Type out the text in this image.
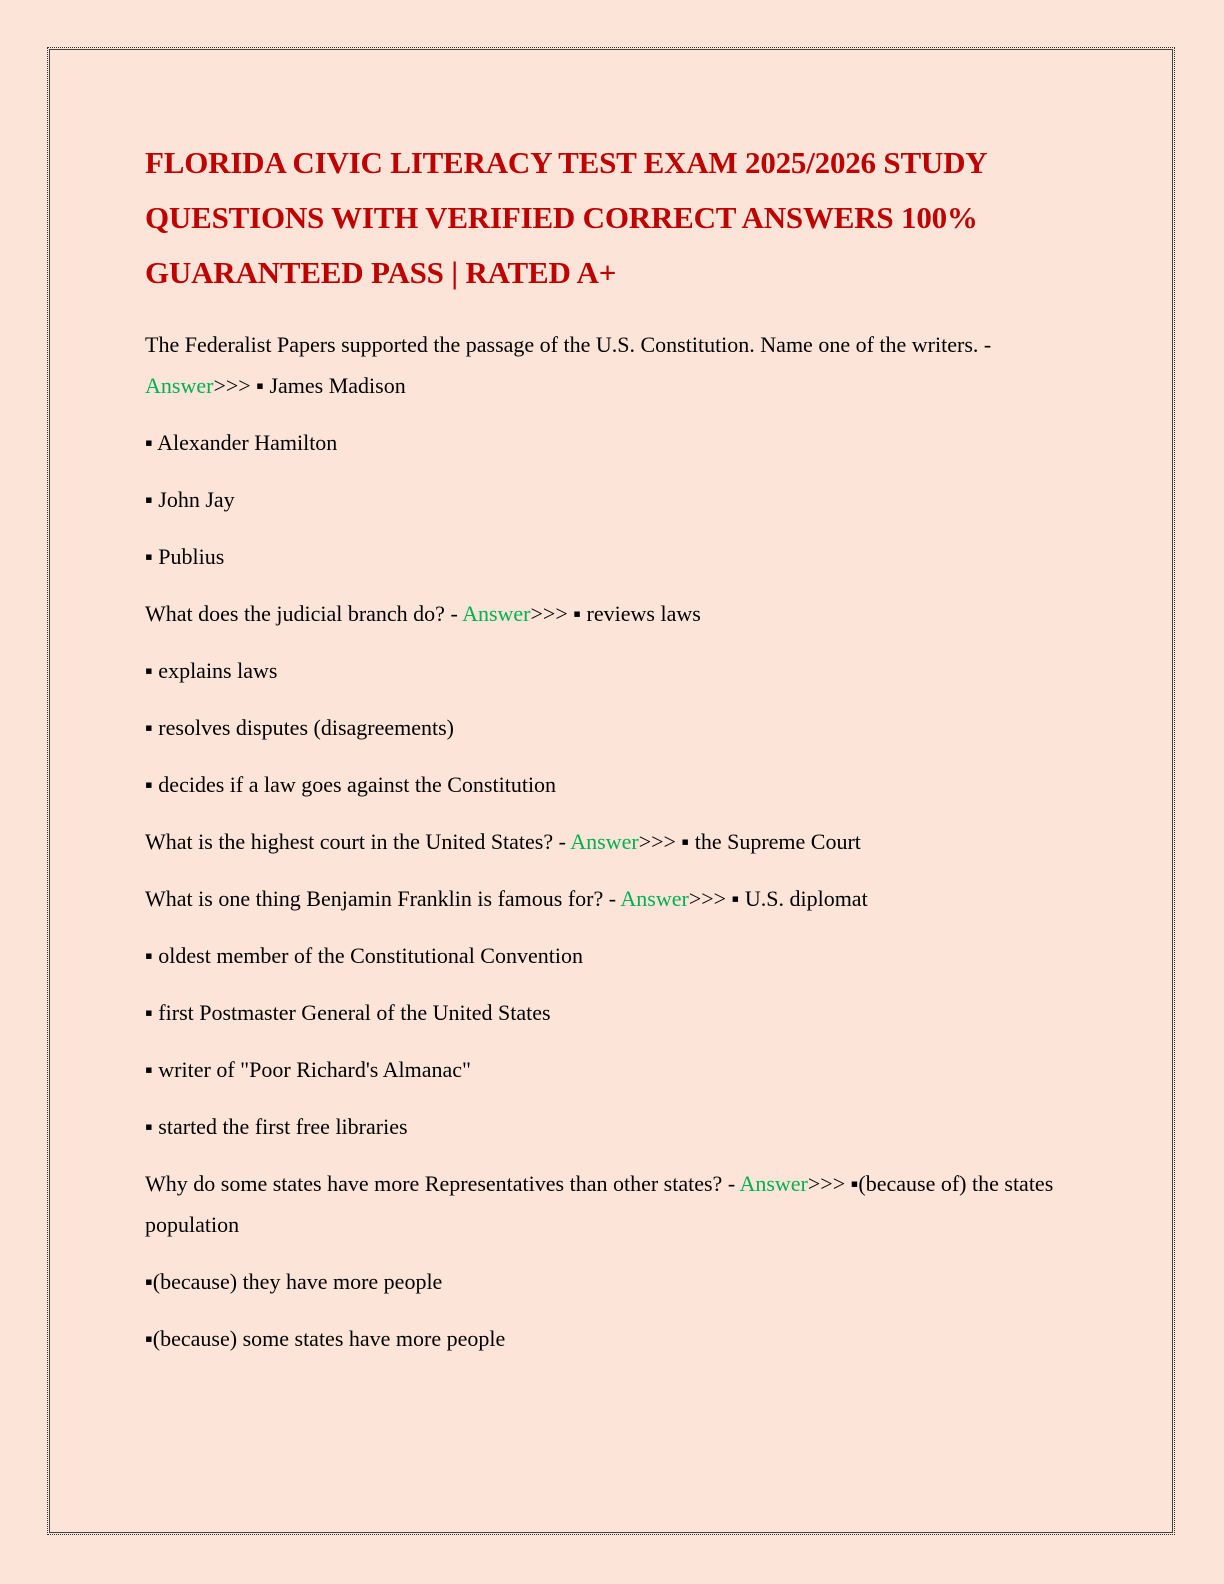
FLORIDA CIVIC LITERACY TEST EXAM 2025/2026 STUDY QUESTIONS WITH VERIFIED CORRECT ANSWERS 100% GUARANTEED PASS | RATED A+

The Federalist Papers supported the passage of the U.S. Constitution. Name one of the writers. - Answer>>> ▪ James Madison

▪ Alexander Hamilton

▪ John Jay

▪ Publius

What does the judicial branch do? - Answer>>> ▪ reviews laws

▪ explains laws

▪ resolves disputes (disagreements)

▪ decides if a law goes against the Constitution

What is the highest court in the United States? - Answer>>> ▪ the Supreme Court

What is one thing Benjamin Franklin is famous for? - Answer>>> ▪ U.S. diplomat

▪ oldest member of the Constitutional Convention

▪ first Postmaster General of the United States

▪ writer of "Poor Richard's Almanac"

▪ started the first free libraries

Why do some states have more Representatives than other states? - Answer>>> ▪(because of) the states population

▪(because) they have more people

▪(because) some states have more people
